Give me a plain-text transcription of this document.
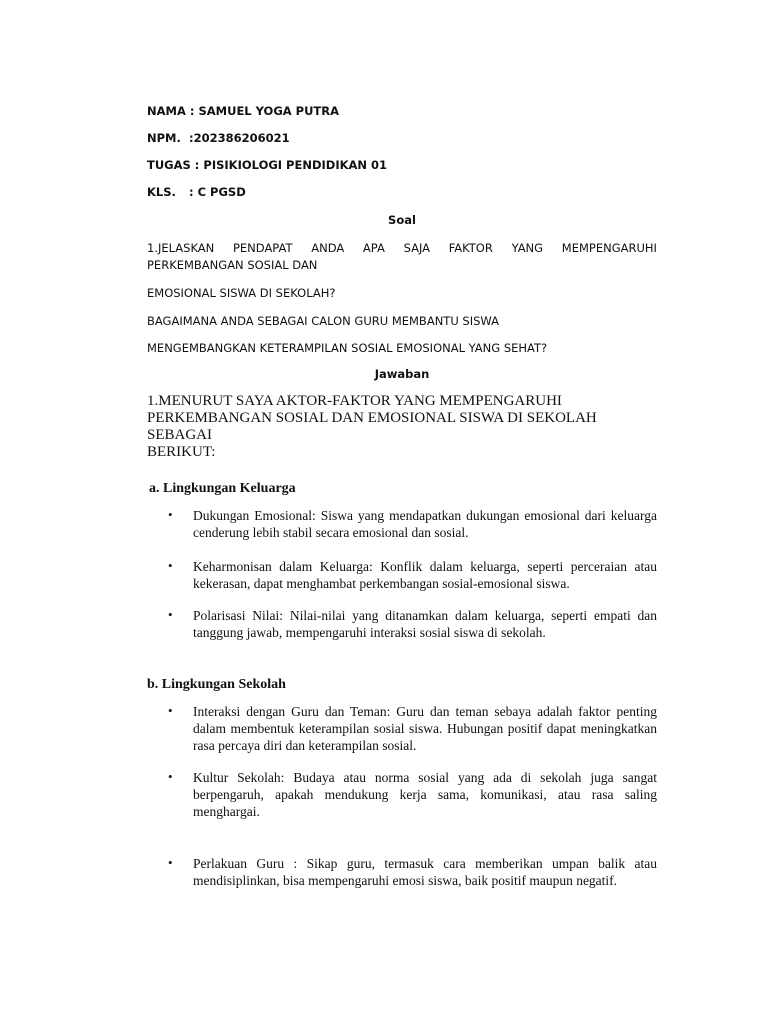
NAMA : SAMUEL YOGA PUTRA
NPM. :202386206021
TUGAS : PISIKIOLOGI PENDIDIKAN 01
KLS. : C PGSD
Soal
1.JELASKAN PENDAPAT ANDA APA SAJA FAKTOR YANG MEMPENGARUHI
PERKEMBANGAN SOSIAL DAN
EMOSIONAL SISWA DI SEKOLAH?
BAGAIMANA ANDA SEBAGAI CALON GURU MEMBANTU SISWA
MENGEMBANGKAN KETERAMPILAN SOSIAL EMOSIONAL YANG SEHAT?
Jawaban
1.MENURUT SAYA AKTOR-FAKTOR YANG MEMPENGARUHI
PERKEMBANGAN SOSIAL DAN EMOSIONAL SISWA DI SEKOLAH SEBAGAI
BERIKUT:
a. Lingkungan Keluarga
• Dukungan Emosional: Siswa yang mendapatkan dukungan emosional dari keluarga cenderung lebih stabil secara emosional dan sosial.
• Keharmonisan dalam Keluarga: Konflik dalam keluarga, seperti perceraian atau kekerasan, dapat menghambat perkembangan sosial-emosional siswa.
• Polarisasi Nilai: Nilai-nilai yang ditanamkan dalam keluarga, seperti empati dan tanggung jawab, mempengaruhi interaksi sosial siswa di sekolah.
b. Lingkungan Sekolah
• Interaksi dengan Guru dan Teman: Guru dan teman sebaya adalah faktor penting dalam membentuk keterampilan sosial siswa. Hubungan positif dapat meningkatkan rasa percaya diri dan keterampilan sosial.
• Kultur Sekolah: Budaya atau norma sosial yang ada di sekolah juga sangat berpengaruh, apakah mendukung kerja sama, komunikasi, atau rasa saling menghargai.
• Perlakuan Guru : Sikap guru, termasuk cara memberikan umpan balik atau mendisiplinkan, bisa mempengaruhi emosi siswa, baik positif maupun negatif.
